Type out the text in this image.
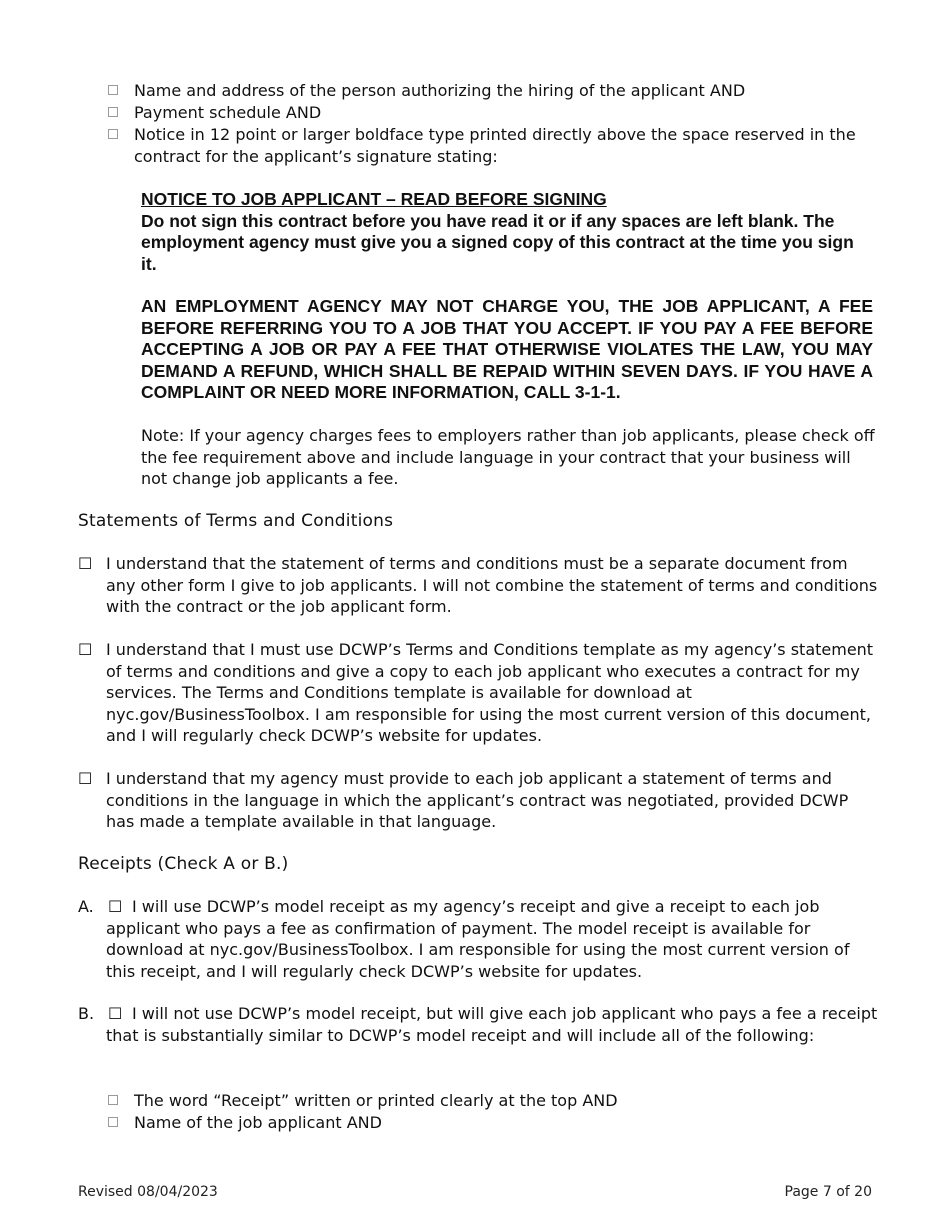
Name and address of the person authorizing the hiring of the applicant AND
Payment schedule AND
Notice in 12 point or larger boldface type printed directly above the space reserved in the contract for the applicant’s signature stating:
NOTICE TO JOB APPLICANT – READ BEFORE SIGNING
Do not sign this contract before you have read it or if any spaces are left blank. The employment agency must give you a signed copy of this contract at the time you sign it.
AN EMPLOYMENT AGENCY MAY NOT CHARGE YOU, THE JOB APPLICANT, A FEE BEFORE REFERRING YOU TO A JOB THAT YOU ACCEPT. IF YOU PAY A FEE BEFORE ACCEPTING A JOB OR PAY A FEE THAT OTHERWISE VIOLATES THE LAW, YOU MAY DEMAND A REFUND, WHICH SHALL BE REPAID WITHIN SEVEN DAYS. IF YOU HAVE A COMPLAINT OR NEED MORE INFORMATION, CALL 3-1-1.
Note: If your agency charges fees to employers rather than job applicants, please check off the fee requirement above and include language in your contract that your business will not change job applicants a fee.
Statements of Terms and Conditions
☐ I understand that the statement of terms and conditions must be a separate document from any other form I give to job applicants. I will not combine the statement of terms and conditions with the contract or the job applicant form.
☐ I understand that I must use DCWP’s Terms and Conditions template as my agency’s statement of terms and conditions and give a copy to each job applicant who executes a contract for my services. The Terms and Conditions template is available for download at nyc.gov/BusinessToolbox. I am responsible for using the most current version of this document, and I will regularly check DCWP’s website for updates.
☐ I understand that my agency must provide to each job applicant a statement of terms and conditions in the language in which the applicant’s contract was negotiated, provided DCWP has made a template available in that language.
Receipts (Check A or B.)
A. ☐ I will use DCWP’s model receipt as my agency’s receipt and give a receipt to each job applicant who pays a fee as confirmation of payment. The model receipt is available for download at nyc.gov/BusinessToolbox. I am responsible for using the most current version of this receipt, and I will regularly check DCWP’s website for updates.
B. ☐ I will not use DCWP’s model receipt, but will give each job applicant who pays a fee a receipt that is substantially similar to DCWP’s model receipt and will include all of the following:
The word “Receipt” written or printed clearly at the top AND
Name of the job applicant AND
Revised 08/04/2023	Page 7 of 20
